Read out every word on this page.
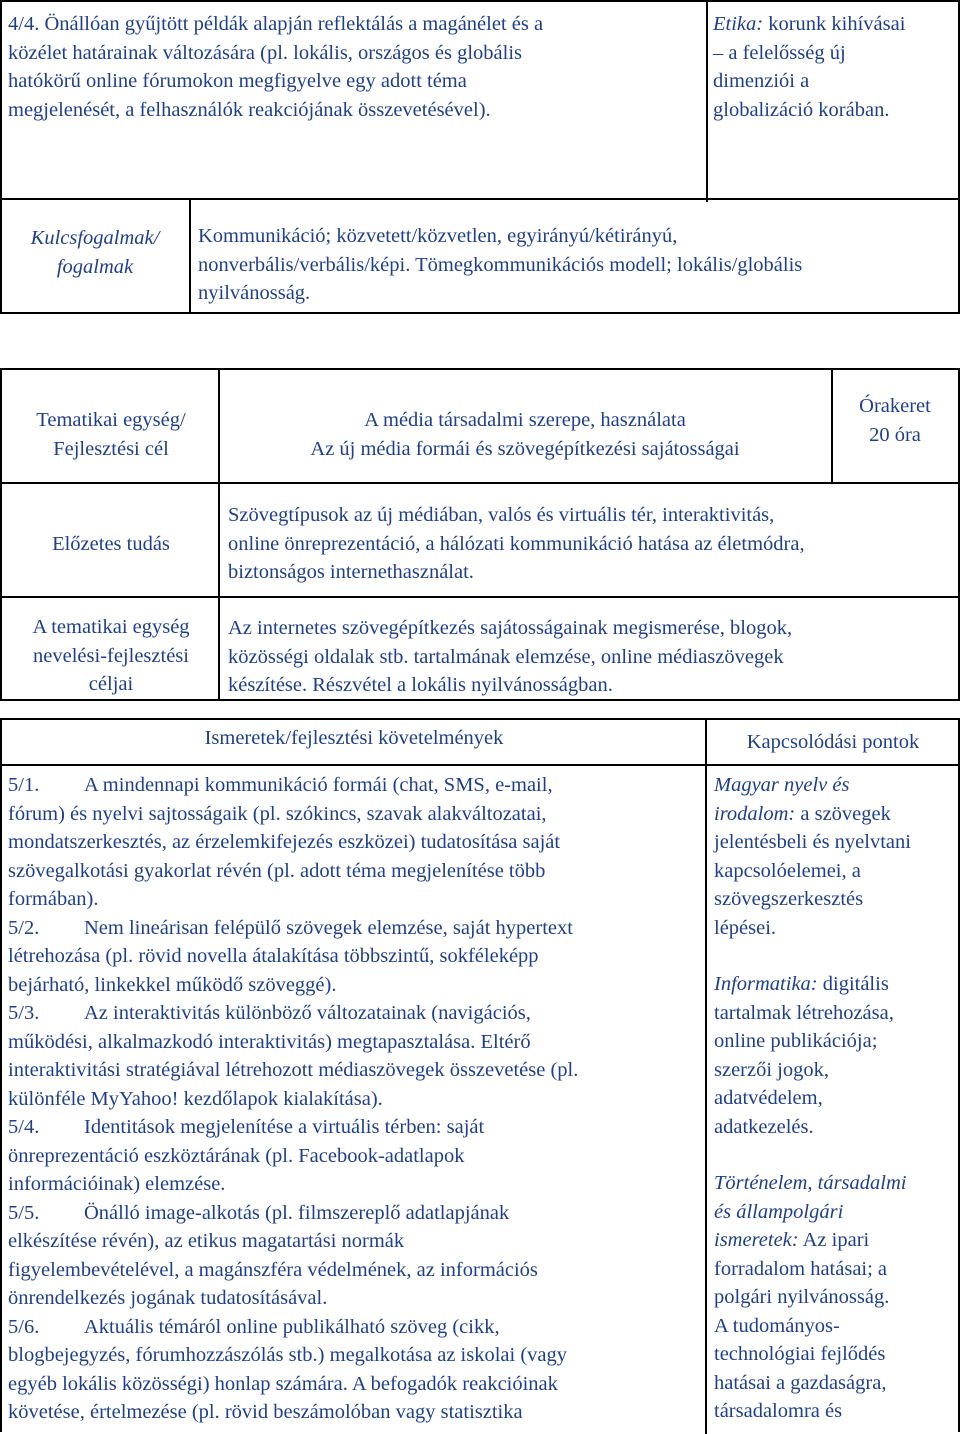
4/4. Önállóan gyűjtött példák alapján reflektálás a magánélet és a

közélet határainak változására (pl. lokális, országos és globális

hatókörű online fórumokon megfigyelve egy adott téma

megjelenését, a felhasználók reakciójának összevetésével).

Etika: korunk kihívásai

– a felelősség új

dimenziói a

globalizáció korában.

Kulcsfogalmak/

fogalmak

Kommunikáció; közvetett/közvetlen, egyirányú/kétirányú,

nonverbális/verbális/képi. Tömegkommunikációs modell; lokális/globális

nyilvánosság.

Tematikai egység/

Fejlesztési cél

A média társadalmi szerepe, használata

Az új média formái és szövegépítkezési sajátosságai

Órakeret

20 óra

Előzetes tudás

Szövegtípusok az új médiában, valós és virtuális tér, interaktivitás,

online önreprezentáció, a hálózati kommunikáció hatása az életmódra,

biztonságos internethasználat.

A tematikai egység

nevelési-fejlesztési

céljai

Az internetes szövegépítkezés sajátosságainak megismerése, blogok,

közösségi oldalak stb. tartalmának elemzése, online médiaszövegek

készítése. Részvétel a lokális nyilvánosságban.

Ismeretek/fejlesztési követelmények	Kapcsolódási pontok

5/1. A mindennapi kommunikáció formái (chat, SMS, e-mail,

fórum) és nyelvi sajtosságaik (pl. szókincs, szavak alakváltozatai,

mondatszerkesztés, az érzelemkifejezés eszközei) tudatosítása saját

szövegalkotási gyakorlat révén (pl. adott téma megjelenítése több

formában).

5/2. Nem lineárisan felépülő szövegek elemzése, saját hypertext

létrehozása (pl. rövid novella átalakítása többszintű, sokféleképp

bejárható, linkekkel működő szöveggé).

5/3. Az interaktivitás különböző változatainak (navigációs,

működési, alkalmazkodó interaktivitás) megtapasztalása. Eltérő

interaktivitási stratégiával létrehozott médiaszövegek összevetése (pl.

különféle MyYahoo! kezdőlapok kialakítása).

5/4. Identitások megjelenítése a virtuális térben: saját

önreprezentáció eszköztárának (pl. Facebook-adatlapok

információinak) elemzése.

5/5. Önálló image-alkotás (pl. filmszereplő adatlapjának

elkészítése révén), az etikus magatartási normák

figyelembevételével, a magánszféra védelmének, az információs

önrendelkezés jogának tudatosításával.

5/6. Aktuális témáról online publikálható szöveg (cikk,

blogbejegyzés, fórumhozzászólás stb.) megalkotása az iskolai (vagy

egyéb lokális közösségi) honlap számára. A befogadók reakcióinak

követése, értelmezése (pl. rövid beszámolóban vagy statisztika

Magyar nyelv és

irodalom: a szövegek

jelentésbeli és nyelvtani

kapcsolóelemei, a

szövegszerkesztés

lépései.

Informatika: digitális

tartalmak létrehozása,

online publikációja;

szerzői jogok,

adatvédelem,

adatkezelés.

Történelem, társadalmi

és állampolgári

ismeretek: Az ipari

forradalom hatásai; a

polgári nyilvánosság.

A tudományos-

technológiai fejlődés

hatásai a gazdaságra,

társadalomra és
